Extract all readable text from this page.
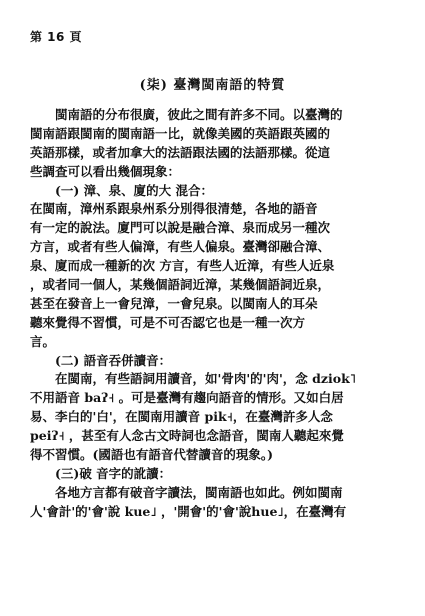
第 16 頁
(柒) 臺灣閩南語的特質
閩南語的分布很廣，彼此之間有許多不同。以臺灣的
閩南語跟閩南的閩南語一比，就像美國的英語跟英國的
英語那樣，或者加拿大的法語跟法國的法語那樣。從這
些調查可以看出幾個現象：
(一) 漳、泉、廈的大 混合：
在閩南，漳州系跟泉州系分別得很清楚，各地的語音
有一定的說法。廈門可以說是融合漳、泉而成另一種次
方言，或者有些人偏漳，有些人偏泉。臺灣卻融合漳、
泉、廈而成一種新的次 方言，有些人近漳，有些人近泉
，或者同一個人，某幾個語詞近漳，某幾個語詞近泉，
甚至在發音上一會兒漳，一會兒泉。以閩南人的耳朵
聽來覺得不習慣，可是不可否認它也是一種一次方
言。
(二) 語音吞併讀音：
在閩南，有些語詞用讀音，如'骨肉'的'肉'，念 dziok˥
不用語音 baʔ˧ 。可是臺灣有趨向語音的情形。又如白居
易、李白的'白'，在閩南用讀音 pik˧，在臺灣許多人念
peiʔ˧ ，甚至有人念古文時詞也念語音，閩南人聽起來覺
得不習慣。(國語也有語音代替讀音的現象。)
(三)破 音字的訛讀：
各地方言都有破音字讀法，閩南語也如此。例如閩南
人'會計'的'會'說 kue˩ ，'開會'的'會'說hue˩，在臺灣有
